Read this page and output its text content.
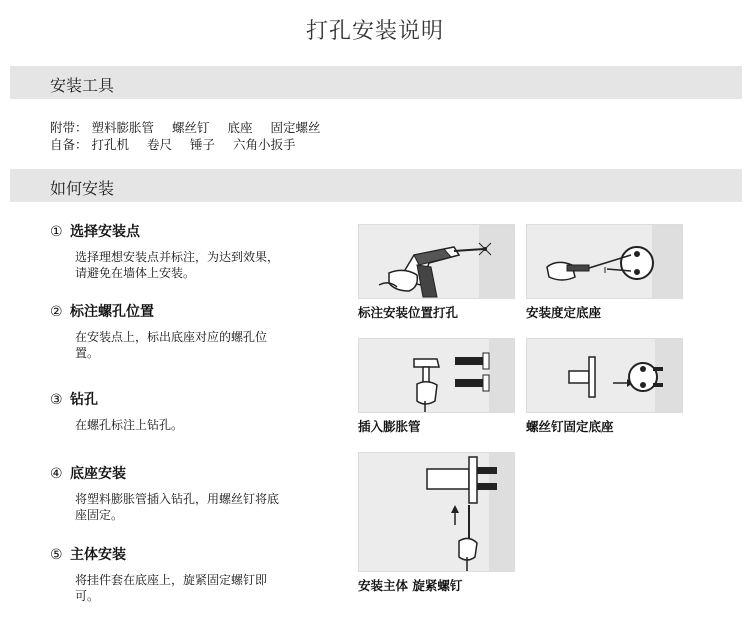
打孔安装说明
安装工具
附带： 塑料膨胀管 螺丝钉 底座 固定螺丝
自备： 打孔机 卷尺 锤子 六角小扳手
如何安装
① 选择安装点
选择理想安装点并标注，为达到效果，请避免在墙体上安装。
② 标注螺孔位置
在安装点上，标出底座对应的螺孔位置。
③ 钻孔
在螺孔标注上钻孔。
④ 底座安装
将塑料膨胀管插入钻孔，用螺丝钉将底座固定。
⑤ 主体安装
将挂件套在底座上，旋紧固定螺钉即可。
标注安装位置打孔	安装度定底座
插入膨胀管	螺丝钉固定底座
安装主体 旋紧螺钉
